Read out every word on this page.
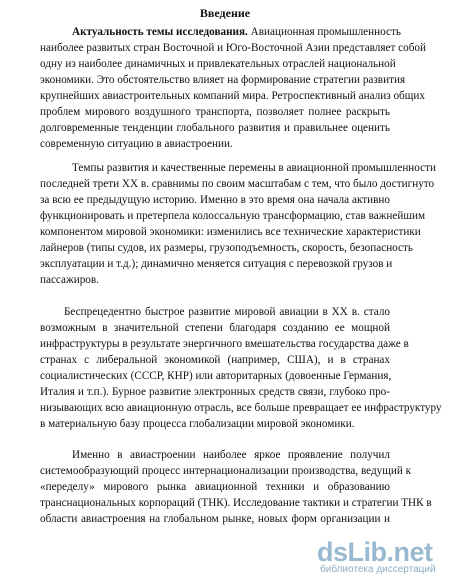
Введение
Актуальность темы исследования. Авиационная промышленность
наиболее развитых стран Восточной и Юго-Восточной Азии представляет собой
одну из наиболее динамичных и привлекательных отраслей национальной
экономики. Это обстоятельство влияет на формирование стратегии развития
крупнейших авиастроительных компаний мира. Ретроспективный анализ общих
проблем мирового воздушного транспорта, позволяет полнее раскрыть
долговременные тенденции глобального развития и правильнее оценить
современную ситуацию в авиастроении.
Темпы развития и качественные перемены в авиационной промышленности
последней трети XX в. сравнимы по своим масштабам с тем, что было достигнуто
за всю ее предыдущую историю. Именно в это время она начала активно
функционировать и претерпела колоссальную трансформацию, став важнейшим
компонентом мировой экономики: изменились все технические характеристики
лайнеров (типы судов, их размеры, грузоподъемность, скорость, безопасность
эксплуатации и т.д.); динамично меняется ситуация с перевозкой грузов и
пассажиров.
Беспрецедентно быстрое развитие мировой авиации в XX в. стало
возможным в значительной степени благодаря созданию ее мощной
инфраструктуры в результате энергичного вмешательства государства даже в
странах с либеральной экономикой (например, США), и в странах
социалистических (СССР, КНР) или авторитарных (довоенные Германия,
Италия и т.п.). Бурное развитие электронных средств связи, глубоко про-
низывающих всю авиационную отрасль, все больше превращает ее инфраструктуру
в материальную базу процесса глобализации мировой экономики.
Именно в авиастроении наиболее яркое проявление получил
системообразующий процесс интернационализации производства, ведущий к
«переделу» мирового рынка авиационной техники и образованию
транснациональных корпораций (ТНК). Исследование тактики и стратегии ТНК в
области авиастроения на глобальном рынке, новых форм организации и
dsLib.net
библиотека диссертаций
